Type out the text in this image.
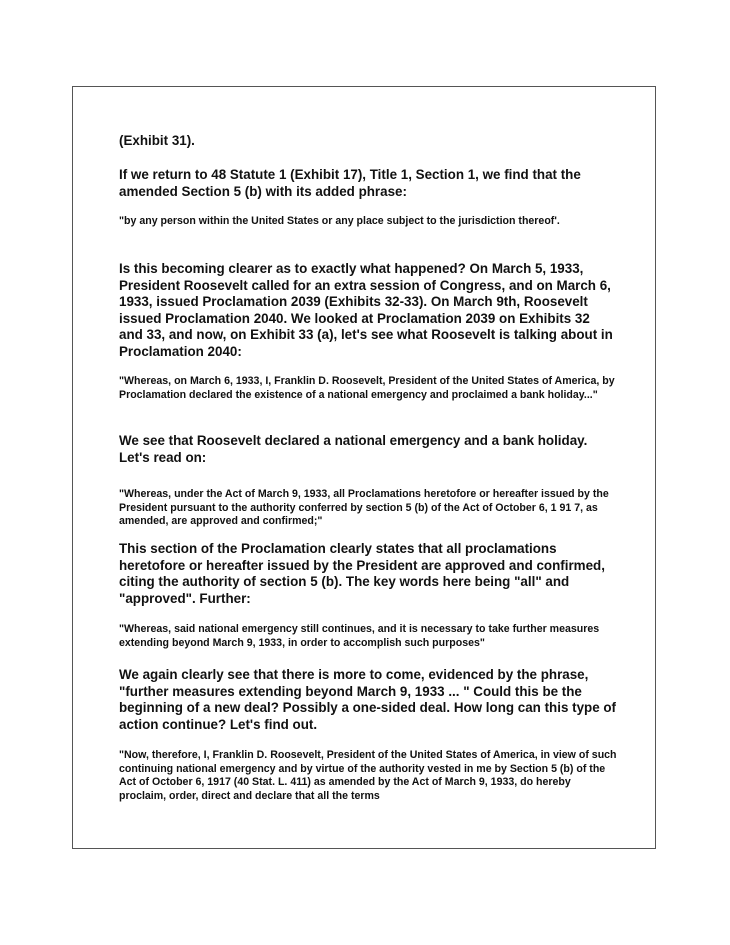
(Exhibit 31).

If we return to 48 Statute 1 (Exhibit 17), Title 1, Section 1, we find that the amended Section 5 (b) with its added phrase:

"by any person within the United States or any place subject to the jurisdiction thereof'.

Is this becoming clearer as to exactly what happened? On March 5, 1933, President Roosevelt called for an extra session of Congress, and on March 6, 1933, issued Proclamation 2039 (Exhibits 32-33). On March 9th, Roosevelt issued Proclamation 2040. We looked at Proclamation 2039 on Exhibits 32 and 33, and now, on Exhibit 33 (a), let's see what Roosevelt is talking about in Proclamation 2040:

"Whereas, on March 6, 1933, I, Franklin D. Roosevelt, President of the United States of America, by Proclamation declared the existence of a national emergency and proclaimed a bank holiday..."

We see that Roosevelt declared a national emergency and a bank holiday. Let's read on:

"Whereas, under the Act of March 9, 1933, all Proclamations heretofore or hereafter issued by the President pursuant to the authority conferred by section 5 (b) of the Act of October 6, 1 91 7, as amended, are approved and confirmed;"

This section of the Proclamation clearly states that all proclamations heretofore or hereafter issued by the President are approved and confirmed, citing the authority of section 5 (b). The key words here being "all" and "approved". Further:

"Whereas, said national emergency still continues, and it is necessary to take further measures extending beyond March 9, 1933, in order to accomplish such purposes"

We again clearly see that there is more to come, evidenced by the phrase, "further measures extending beyond March 9, 1933 ... " Could this be the beginning of a new deal? Possibly a one-sided deal. How long can this type of action continue? Let's find out.

"Now, therefore, I, Franklin D. Roosevelt, President of the United States of America, in view of such continuing national emergency and by virtue of the authority vested in me by Section 5 (b) of the Act of October 6, 1917 (40 Stat. L. 411) as amended by the Act of March 9, 1933, do hereby proclaim, order, direct and declare that all the terms
